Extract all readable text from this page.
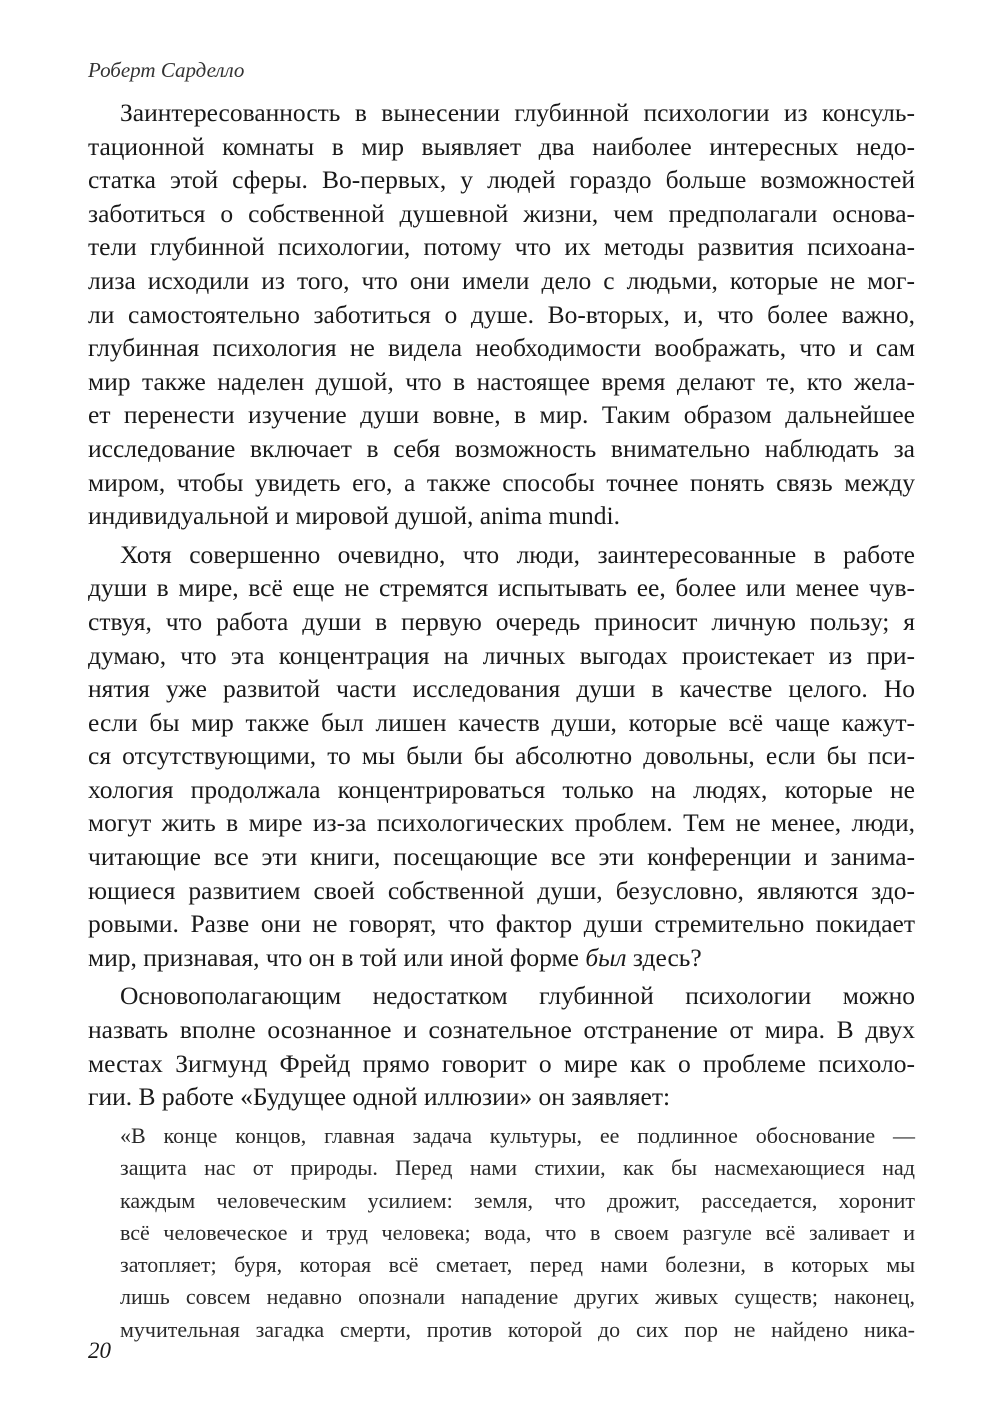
Роберт Сарделло
Заинтересованность в вынесении глубинной психологии из консуль-
тационной комнаты в мир выявляет два наиболее интересных недо-
статка этой сферы. Во-первых, у людей гораздо больше возможностей
заботиться о собственной душевной жизни, чем предполагали основа-
тели глубинной психологии, потому что их методы развития психоана-
лиза исходили из того, что они имели дело с людьми, которые не мог-
ли самостоятельно заботиться о душе. Во-вторых, и, что более важно,
глубинная психология не видела необходимости воображать, что и сам
мир также наделен душой, что в настоящее время делают те, кто жела-
ет перенести изучение души вовне, в мир. Таким образом дальнейшее
исследование включает в себя возможность внимательно наблюдать за
миром, чтобы увидеть его, а также способы точнее понять связь между
индивидуальной и мировой душой, anima mundi.
Хотя совершенно очевидно, что люди, заинтересованные в работе
души в мире, всё еще не стремятся испытывать ее, более или менее чув-
ствуя, что работа души в первую очередь приносит личную пользу; я
думаю, что эта концентрация на личных выгодах проистекает из при-
нятия уже развитой части исследования души в качестве целого. Но
если бы мир также был лишен качеств души, которые всё чаще кажут-
ся отсутствующими, то мы были бы абсолютно довольны, если бы пси-
хология продолжала концентрироваться только на людях, которые не
могут жить в мире из-за психологических проблем. Тем не менее, люди,
читающие все эти книги, посещающие все эти конференции и занима-
ющиеся развитием своей собственной души, безусловно, являются здо-
ровыми. Разве они не говорят, что фактор души стремительно покидает
мир, признавая, что он в той или иной форме был здесь?
Основополагающим недостатком глубинной психологии можно
назвать вполне осознанное и сознательное отстранение от мира. В двух
местах Зигмунд Фрейд прямо говорит о мире как о проблеме психоло-
гии. В работе «Будущее одной иллюзии» он заявляет:
«В конце концов, главная задача культуры, ее подлинное обоснование —
защита нас от природы. Перед нами стихии, как бы насмехающиеся над
каждым человеческим усилием: земля, что дрожит, расседается, хоронит
всё человеческое и труд человека; вода, что в своем разгуле всё заливает и
затопляет; буря, которая всё сметает, перед нами болезни, в которых мы
лишь совсем недавно опознали нападение других живых существ; наконец,
мучительная загадка смерти, против которой до сих пор не найдено ника-
20
